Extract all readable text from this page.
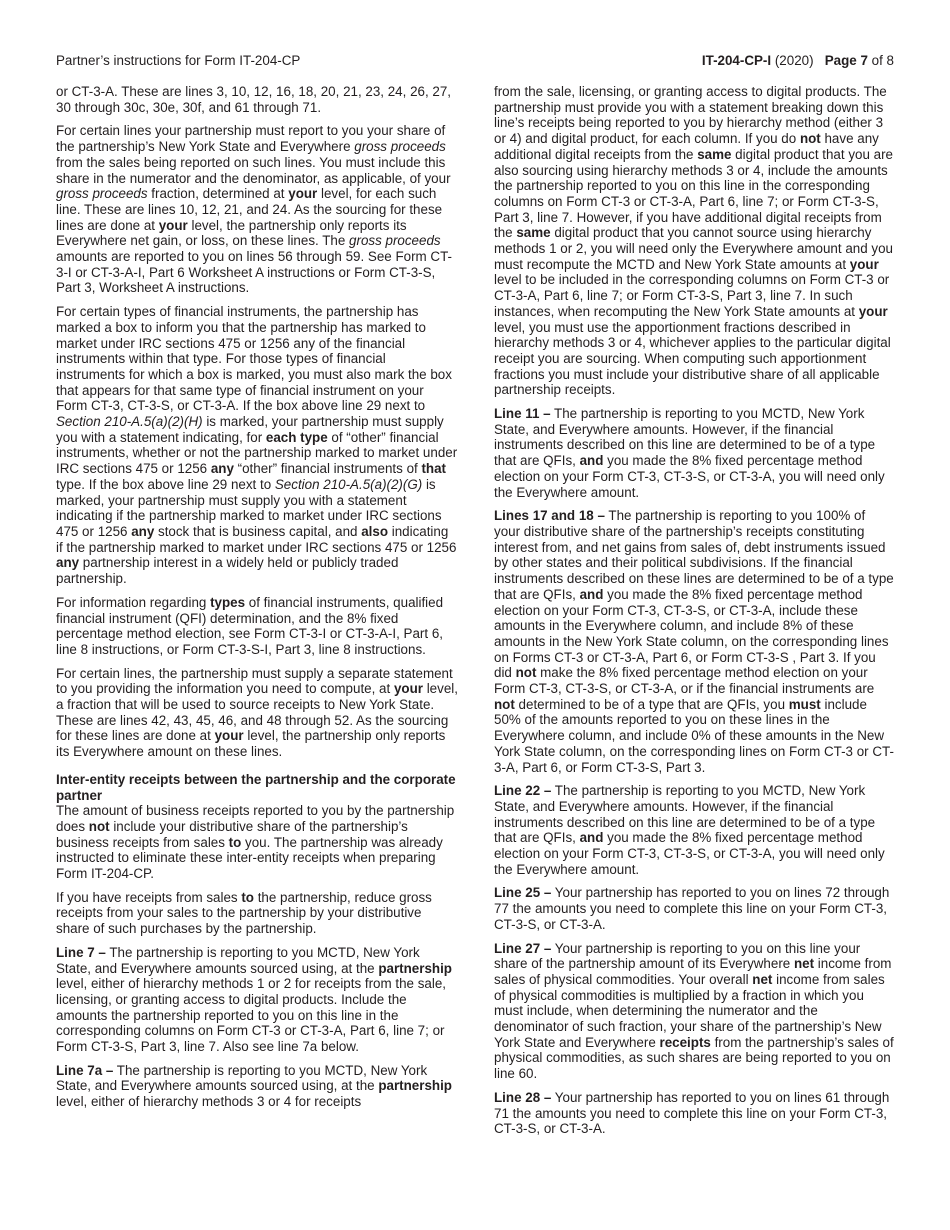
Partner’s instructions for Form IT-204-CP	IT-204-CP-I (2020) Page 7 of 8

or CT-3-A. These are lines 3, 10, 12, 16, 18, 20, 21, 23, 24, 26, 27, 30 through 30c, 30e, 30f, and 61 through 71.

For certain lines your partnership must report to you your share of the partnership’s New York State and Everywhere gross proceeds from the sales being reported on such lines. You must include this share in the numerator and the denominator, as applicable, of your gross proceeds fraction, determined at your level, for each such line. These are lines 10, 12, 21, and 24. As the sourcing for these lines are done at your level, the partnership only reports its Everywhere net gain, or loss, on these lines. The gross proceeds amounts are reported to you on lines 56 through 59. See Form CT-3-I or CT-3-A-I, Part 6 Worksheet A instructions or Form CT-3-S, Part 3, Worksheet A instructions.

For certain types of financial instruments, the partnership has marked a box to inform you that the partnership has marked to market under IRC sections 475 or 1256 any of the financial instruments within that type. For those types of financial instruments for which a box is marked, you must also mark the box that appears for that same type of financial instrument on your Form CT-3, CT-3-S, or CT-3-A. If the box above line 29 next to Section 210-A.5(a)(2)(H) is marked, your partnership must supply you with a statement indicating, for each type of “other” financial instruments, whether or not the partnership marked to market under IRC sections 475 or 1256 any “other” financial instruments of that type. If the box above line 29 next to Section 210-A.5(a)(2)(G) is marked, your partnership must supply you with a statement indicating if the partnership marked to market under IRC sections 475 or 1256 any stock that is business capital, and also indicating if the partnership marked to market under IRC sections 475 or 1256 any partnership interest in a widely held or publicly traded partnership.

For information regarding types of financial instruments, qualified financial instrument (QFI) determination, and the 8% fixed percentage method election, see Form CT-3-I or CT-3-A-I, Part 6, line 8 instructions, or Form CT-3-S-I, Part 3, line 8 instructions.

For certain lines, the partnership must supply a separate statement to you providing the information you need to compute, at your level, a fraction that will be used to source receipts to New York State. These are lines 42, 43, 45, 46, and 48 through 52. As the sourcing for these lines are done at your level, the partnership only reports its Everywhere amount on these lines.

Inter-entity receipts between the partnership and the corporate partner

The amount of business receipts reported to you by the partnership does not include your distributive share of the partnership’s business receipts from sales to you. The partnership was already instructed to eliminate these inter-entity receipts when preparing Form IT-204-CP.

If you have receipts from sales to the partnership, reduce gross receipts from your sales to the partnership by your distributive share of such purchases by the partnership.

Line 7 – The partnership is reporting to you MCTD, New York State, and Everywhere amounts sourced using, at the partnership level, either of hierarchy methods 1 or 2 for receipts from the sale, licensing, or granting access to digital products. Include the amounts the partnership reported to you on this line in the corresponding columns on Form CT-3 or CT-3-A, Part 6, line 7; or Form CT-3-S, Part 3, line 7. Also see line 7a below.

Line 7a – The partnership is reporting to you MCTD, New York State, and Everywhere amounts sourced using, at the partnership level, either of hierarchy methods 3 or 4 for receipts

from the sale, licensing, or granting access to digital products. The partnership must provide you with a statement breaking down this line’s receipts being reported to you by hierarchy method (either 3 or 4) and digital product, for each column. If you do not have any additional digital receipts from the same digital product that you are also sourcing using hierarchy methods 3 or 4, include the amounts the partnership reported to you on this line in the corresponding columns on Form CT-3 or CT-3-A, Part 6, line 7; or Form CT-3-S, Part 3, line 7. However, if you have additional digital receipts from the same digital product that you cannot source using hierarchy methods 1 or 2, you will need only the Everywhere amount and you must recompute the MCTD and New York State amounts at your level to be included in the corresponding columns on Form CT-3 or CT-3-A, Part 6, line 7; or Form CT-3-S, Part 3, line 7. In such instances, when recomputing the New York State amounts at your level, you must use the apportionment fractions described in hierarchy methods 3 or 4, whichever applies to the particular digital receipt you are sourcing. When computing such apportionment fractions you must include your distributive share of all applicable partnership receipts.

Line 11 – The partnership is reporting to you MCTD, New York State, and Everywhere amounts. However, if the financial instruments described on this line are determined to be of a type that are QFIs, and you made the 8% fixed percentage method election on your Form CT-3, CT-3-S, or CT-3-A, you will need only the Everywhere amount.

Lines 17 and 18 – The partnership is reporting to you 100% of your distributive share of the partnership’s receipts constituting interest from, and net gains from sales of, debt instruments issued by other states and their political subdivisions. If the financial instruments described on these lines are determined to be of a type that are QFIs, and you made the 8% fixed percentage method election on your Form CT-3, CT-3-S, or CT-3-A, include these amounts in the Everywhere column, and include 8% of these amounts in the New York State column, on the corresponding lines on Forms CT-3 or CT-3-A, Part 6, or Form CT-3-S , Part 3. If you did not make the 8% fixed percentage method election on your Form CT-3, CT-3-S, or CT-3-A, or if the financial instruments are not determined to be of a type that are QFIs, you must include 50% of the amounts reported to you on these lines in the Everywhere column, and include 0% of these amounts in the New York State column, on the corresponding lines on Form CT-3 or CT-3-A, Part 6, or Form CT-3-S, Part 3.

Line 22 – The partnership is reporting to you MCTD, New York State, and Everywhere amounts. However, if the financial instruments described on this line are determined to be of a type that are QFIs, and you made the 8% fixed percentage method election on your Form CT-3, CT-3-S, or CT-3-A, you will need only the Everywhere amount.

Line 25 – Your partnership has reported to you on lines 72 through 77 the amounts you need to complete this line on your Form CT-3, CT-3-S, or CT-3-A.

Line 27 – Your partnership is reporting to you on this line your share of the partnership amount of its Everywhere net income from sales of physical commodities. Your overall net income from sales of physical commodities is multiplied by a fraction in which you must include, when determining the numerator and the denominator of such fraction, your share of the partnership’s New York State and Everywhere receipts from the partnership’s sales of physical commodities, as such shares are being reported to you on line 60.

Line 28 – Your partnership has reported to you on lines 61 through 71 the amounts you need to complete this line on your Form CT-3, CT-3-S, or CT-3-A.
